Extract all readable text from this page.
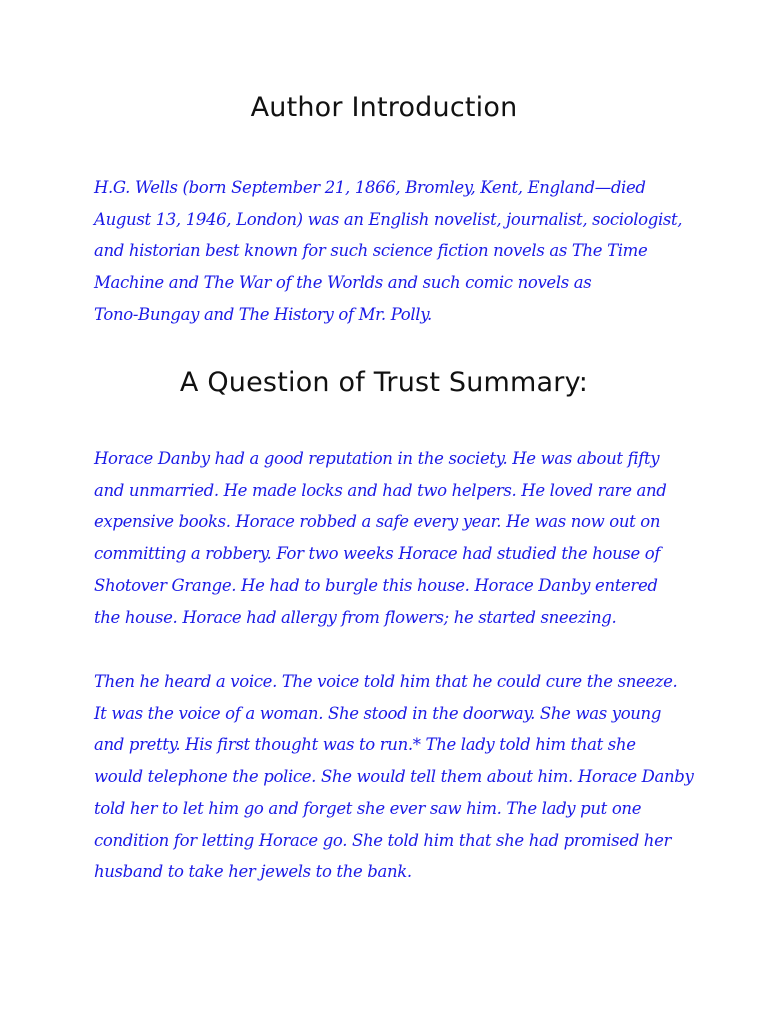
Author Introduction

H.G. Wells (born September 21, 1866, Bromley, Kent, England—died
August 13, 1946, London) was an English novelist, journalist, sociologist,
and historian best known for such science fiction novels as The Time
Machine and The War of the Worlds and such comic novels as
Tono-Bungay and The History of Mr. Polly.

A Question of Trust Summary:

Horace Danby had a good reputation in the society. He was about fifty
and unmarried. He made locks and had two helpers. He loved rare and
expensive books. Horace robbed a safe every year. He was now out on
committing a robbery. For two weeks Horace had studied the house of
Shotover Grange. He had to burgle this house. Horace Danby entered
the house. Horace had allergy from flowers; he started sneezing.

Then he heard a voice. The voice told him that he could cure the sneeze.
It was the voice of a woman. She stood in the doorway. She was young
and pretty. His first thought was to run.* The lady told him that she
would telephone the police. She would tell them about him. Horace Danby
told her to let him go and forget she ever saw him. The lady put one
condition for letting Horace go. She told him that she had promised her
husband to take her jewels to the bank.
